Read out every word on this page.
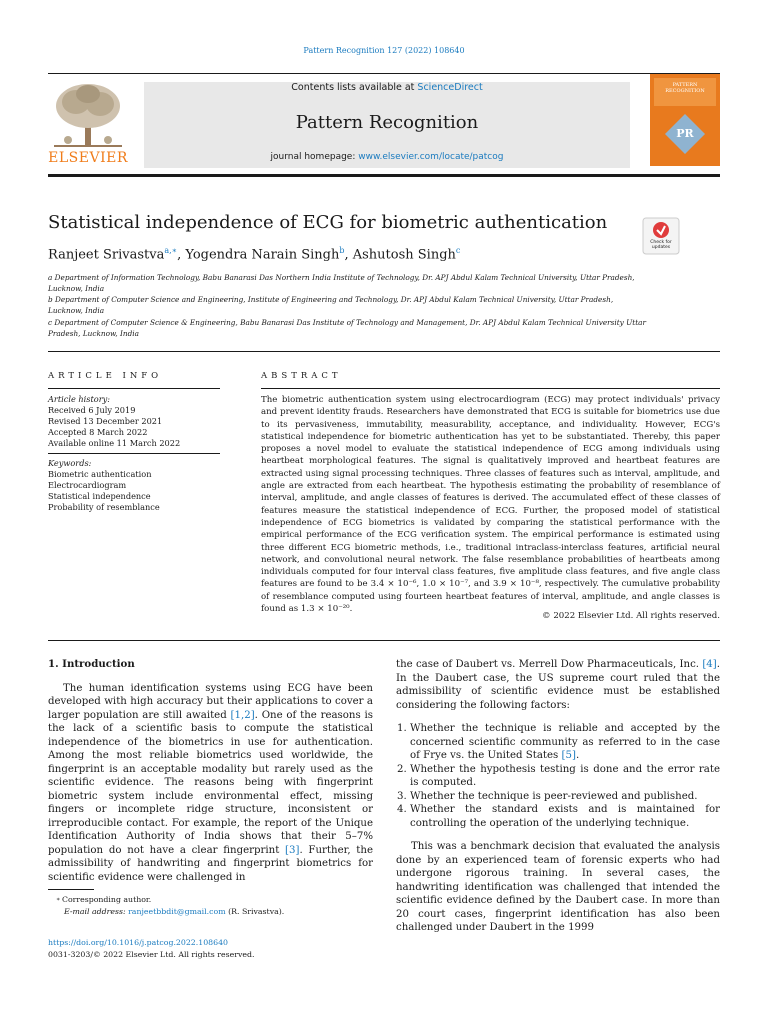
Pattern Recognition 127 (2022) 108640
ELSEVIER
Contents lists available at ScienceDirect
Pattern Recognition
journal homepage: www.elsevier.com/locate/patcog
PATTERN RECOGNITION
PR
Statistical independence of ECG for biometric authentication
Check for updates
Ranjeet Srivastva$^{a,∗}$, Yogendra Narain Singh$^b$, Ashutosh Singh$^c$
a Department of Information Technology, Babu Banarasi Das Northern India Institute of Technology, Dr. APJ Abdul Kalam Technical University, Uttar Pradesh, Lucknow, India
b Department of Computer Science and Engineering, Institute of Engineering and Technology, Dr. APJ Abdul Kalam Technical University, Uttar Pradesh, Lucknow, India
c Department of Computer Science & Engineering, Babu Banarasi Das Institute of Technology and Management, Dr. APJ Abdul Kalam Technical University Uttar Pradesh, Lucknow, India
ARTICLE INFO
Article history:
Received 6 July 2019
Revised 13 December 2021
Accepted 8 March 2022
Available online 11 March 2022
Keywords:
Biometric authentication
Electrocardiogram
Statistical independence
Probability of resemblance
ABSTRACT
The biometric authentication system using electrocardiogram (ECG) may protect individuals' privacy and prevent identity frauds. Researchers have demonstrated that ECG is suitable for biometrics use due to its pervasiveness, immutability, measurability, acceptance, and individuality. However, ECG's statistical independence for biometric authentication has yet to be substantiated. Thereby, this paper proposes a novel model to evaluate the statistical independence of ECG among individuals using heartbeat morphological features. The signal is qualitatively improved and heartbeat features are extracted using signal processing techniques. Three classes of features such as interval, amplitude, and angle are extracted from each heartbeat. The hypothesis estimating the probability of resemblance of interval, amplitude, and angle classes of features is derived. The accumulated effect of these classes of features measure the statistical independence of ECG. Further, the proposed model of statistical independence of ECG biometrics is validated by comparing the statistical performance with the empirical performance of the ECG verification system. The empirical performance is estimated using three different ECG biometric methods, i.e., traditional intraclass-interclass features, artificial neural network, and convolutional neural network. The false resemblance probabilities of heartbeats among individuals computed for four interval class features, five amplitude class features, and five angle class features are found to be 3.4 × 10⁻⁶, 1.0 × 10⁻⁷, and 3.9 × 10⁻⁸, respectively. The cumulative probability of resemblance computed using fourteen heartbeat features of interval, amplitude, and angle classes is found as 1.3 × 10⁻²⁰.
© 2022 Elsevier Ltd. All rights reserved.

1. Introduction

The human identification systems using ECG have been developed with high accuracy but their applications to cover a larger population are still awaited [1,2]. One of the reasons is the lack of a scientific basis to compute the statistical independence of the biometrics in use for authentication. Among the most reliable biometrics used worldwide, the fingerprint is an acceptable modality but rarely used as the scientific evidence. The reasons being with fingerprint biometric system include environmental effect, missing fingers or incomplete ridge structure, inconsistent or irreproducible contact. For example, the report of the Unique Identification Authority of India shows that their 5–7% population do not have a clear fingerprint [3]. Further, the admissibility of handwriting and fingerprint biometrics for scientific evidence were challenged in

the case of Daubert vs. Merrell Dow Pharmaceuticals, Inc. [4]. In the Daubert case, the US supreme court ruled that the admissibility of scientific evidence must be established considering the following factors:

1. Whether the technique is reliable and accepted by the concerned scientific community as referred to in the case of Frye vs. the United States [5].
2. Whether the hypothesis testing is done and the error rate is computed.
3. Whether the technique is peer-reviewed and published.
4. Whether the standard exists and is maintained for controlling the operation of the underlying technique.

This was a benchmark decision that evaluated the analysis done by an experienced team of forensic experts who had undergone rigorous training. In several cases, the handwriting identification was challenged that intended the scientific evidence defined by the Daubert case. In more than 20 court cases, fingerprint identification has also been challenged under Daubert in the 1999

∗ Corresponding author.
E-mail address: ranjeetbbdit@gmail.com (R. Srivastva).
https://doi.org/10.1016/j.patcog.2022.108640
0031-3203/© 2022 Elsevier Ltd. All rights reserved.
